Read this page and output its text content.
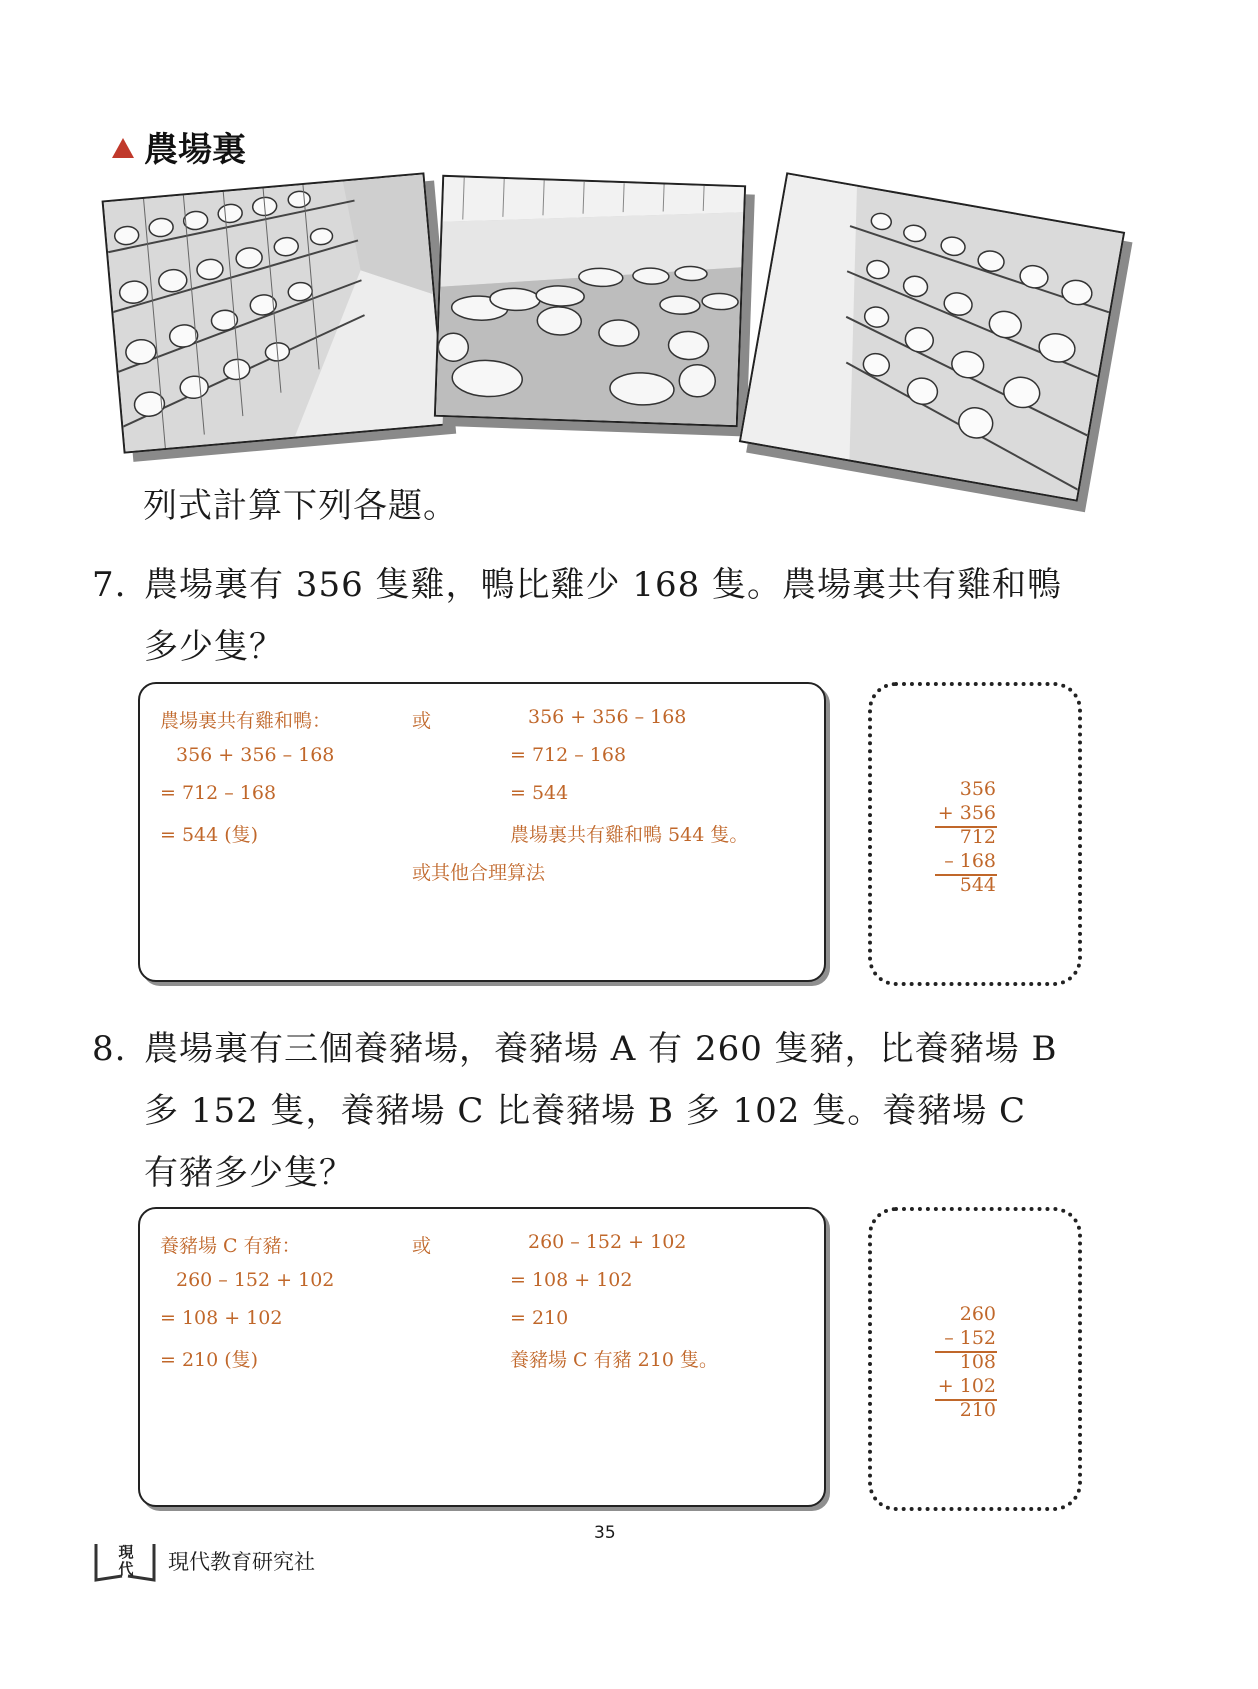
農場裏
列式計算下列各題。
7. 農場裏有 356 隻雞，鴨比雞少 168 隻。農場裏共有雞和鴨
多少隻？
農場裏共有雞和鴨：
356 + 356 – 168
= 712 – 168
= 544 (隻)
或	356 + 356 – 168
= 712 – 168
= 544
農場裏共有雞和鴨 544 隻。
或其他合理算法
356
+ 356
712
– 168
544
8. 農場裏有三個養豬場，養豬場 A 有 260 隻豬，比養豬場 B
多 152 隻，養豬場 C 比養豬場 B 多 102 隻。養豬場 C
有豬多少隻？
養豬場 C 有豬：
260 – 152 + 102
= 108 + 102
= 210 (隻)
或	260 – 152 + 102
= 108 + 102
= 210
養豬場 C 有豬 210 隻。
260
– 152
108
+ 102
210
35
現
代 現代教育研究社
